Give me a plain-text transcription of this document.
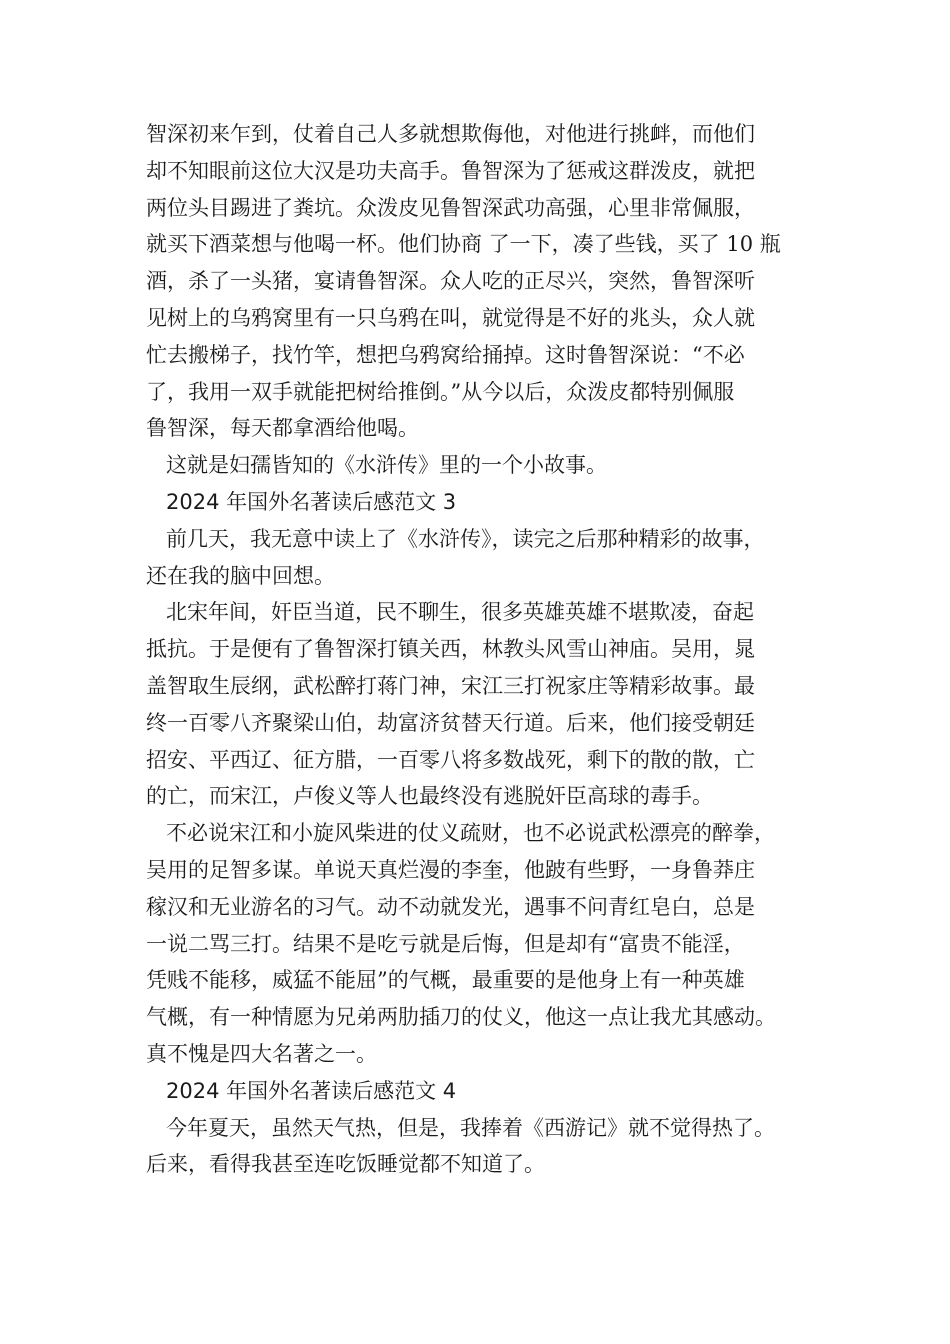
智深初来乍到，仗着自己人多就想欺侮他，对他进行挑衅，而他们
却不知眼前这位大汉是功夫高手。鲁智深为了惩戒这群泼皮，就把
两位头目踢进了粪坑。众泼皮见鲁智深武功高强，心里非常佩服，
就买下酒菜想与他喝一杯。他们协商 了一下，凑了些钱，买了 10 瓶
酒，杀了一头猪，宴请鲁智深。众人吃的正尽兴，突然，鲁智深听
见树上的乌鸦窝里有一只乌鸦在叫，就觉得是不好的兆头，众人就
忙去搬梯子，找竹竿，想把乌鸦窝给捅掉。这时鲁智深说：“不必
了，我用一双手就能把树给推倒。”从今以后，众泼皮都特别佩服
鲁智深，每天都拿酒给他喝。
这就是妇孺皆知的《水浒传》里的一个小故事。
2024 年国外名著读后感范文 3
前几天，我无意中读上了《水浒传》，读完之后那种精彩的故事，
还在我的脑中回想。
北宋年间，奸臣当道，民不聊生，很多英雄英雄不堪欺凌，奋起
抵抗。于是便有了鲁智深打镇关西，林教头风雪山神庙。吴用，晁
盖智取生辰纲，武松醉打蒋门神，宋江三打祝家庄等精彩故事。最
终一百零八齐聚梁山伯，劫富济贫替天行道。后来，他们接受朝廷
招安、平西辽、征方腊，一百零八将多数战死，剩下的散的散，亡
的亡，而宋江，卢俊义等人也最终没有逃脱奸臣高球的毒手。
不必说宋江和小旋风柴进的仗义疏财，也不必说武松漂亮的醉拳，
吴用的足智多谋。单说天真烂漫的李奎，他跛有些野，一身鲁莽庄
稼汉和无业游名的习气。动不动就发光，遇事不问青红皂白，总是
一说二骂三打。结果不是吃亏就是后悔，但是却有“富贵不能淫，
凭贱不能移，威猛不能屈”的气概，最重要的是他身上有一种英雄
气概，有一种情愿为兄弟两肋插刀的仗义，他这一点让我尤其感动。
真不愧是四大名著之一。
2024 年国外名著读后感范文 4
今年夏天，虽然天气热，但是，我捧着《西游记》就不觉得热了。
后来，看得我甚至连吃饭睡觉都不知道了。
